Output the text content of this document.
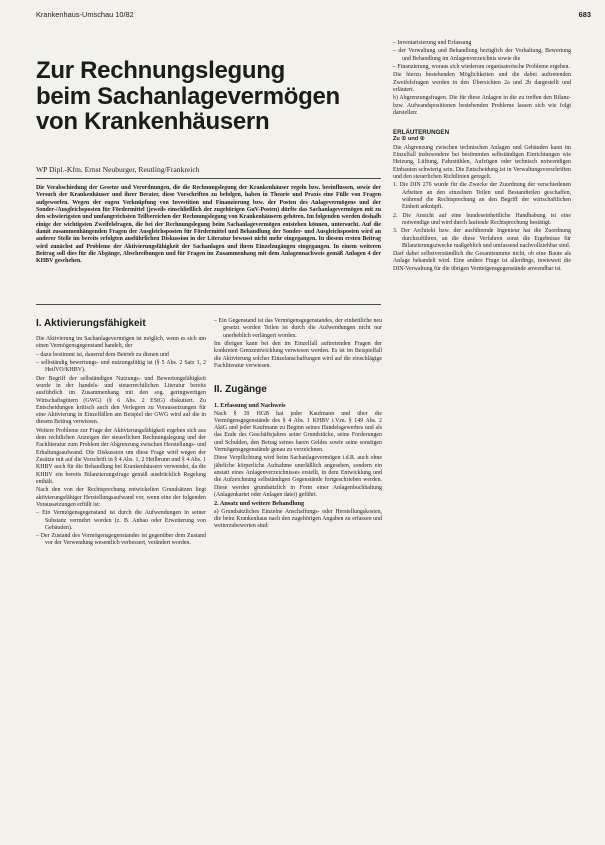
Krankenhaus-Umschau 10/82	683
Zur Rechnungslegung
beim Sachanlagevermögen
von Krankenhäusern
WP Dipl.-Kfm. Ernst Neuburger, Reutling/Frankreich

Die Verabschiedung der Gesetze und Verordnungen, die die Rechnungslegung der Krankenhäuser regeln bzw. beeinflussen, sowie der Versuch der Krankenhäuser und ihrer Berater, diese Vorschriften zu befolgen, haben in Theorie und Praxis eine Fülle von Fragen aufgeworfen. Wegen der engen Verknüpfung von Investition und Finanzierung bzw. der Posten des Anlagevermögens und der Sonder-/Ausgleichsposten für Fördermittel (jeweils einschließlich der zugehörigen GuV-Posten) dürfte das Sachanlagevermögen mit zu den schwierigsten und umfangreichsten Teilbereichen der Rechnungslegung von Krankenhäusern gehören. Im folgenden werden deshalb einige der wichtigsten Zweifelsfragen, die bei der Rechnungslegung beim Sachanlagevermögen entstehen können, untersucht. Auf die damit zusammenhängenden Fragen der Ausgleichsposten für Fördermittel und Behandlung der Sonder- und Ausgleichsposten wird an anderer Stelle im bereits erfolgten ausführlichen Diskussion in der Literatur bewusst nicht mehr eingegangen. In diesem ersten Beitrag wird zunächst auf Probleme der Aktivierungsfähigkeit der Sachanlagen und ihren Einzelzugängen eingegangen. In einem weiteren Beitrag soll dies für die Abgänge, Abschreibungen und für Fragen im Zusammenhang mit dem Anlagennachweis gemäß Anlagen 4 der KHBV geschehen.

I. Aktivierungsfähigkeit

Die Aktivierung im Sachanlagevermögen ist möglich, wenn es sich um einen Vermögensgegenstand handelt, der

– dazu bestimmt ist, dauernd dem Betrieb zu dienen und

– selbständig bewertungs- und nutzungsfähig ist (§ 5 Abs. 2 Satz 1, 2 HeilVO/KHBV).

Der Begriff der selbständigen Nutzungs- und Bewertungsfähigkeit wurde in der handels- und steuerrechtlichen Literatur bereits ausführlich im Zusammenhang mit den sog. geringwertigen Wirtschaftsgütern (GWG) (§ 6 Abs. 2 EStG) diskutiert. Zu Entscheidungen kritisch auch den Verlegern zu Voraussetzungen für eine Aktivierung in Einzelfällen am Beispiel der GWG wird auf die in diesem Beitrag verwiesen.

Weitere Probleme zur Frage der Aktivierungsfähigkeit ergeben sich aus dem rechtlichen Anzeigen der steuerlichen Rechnungslegung und der Fachliteratur zum Problem der Abgrenzung zwischen Herstellungs- und Erhaltungsaufwand. Die Diskussion um diese Frage wird wegen der Zusätze mit auf die Vorschrift in § 4 Abs. 1, 2 Heilbrunn und § 4 Abs. 1 KHBV auch für die Behandlung bei Krankenhäusern verwendet, da die KHBV ein bereits Bilanzierungsfrage gemäß ausdrücklich Regelung enthält.

Nach den von der Rechtsprechung entwickelten Grundsätzen liegt aktivierungsfähiger Herstellungsaufwand vor, wenn eine der folgenden Voraussetzungen erfüllt ist:

– Ein Vermögensgegenstand ist durch die Aufwendungen in seiner Substanz vermehrt worden (z. B. Anbau oder Erweiterung von Gebäuden).

– Der Zustand des Vermögensgegenstandes ist gegenüber dem Zustand vor der Verwendung wesentlich verbessert, verändert worden.

– Ein Gegenstand ist das Vermögensgegenstandes, der einheitliche neu gesetzt worden Teilen ist durch die Aufwendungen nicht nur unerheblich verlängert worden.

Im übrigen kann bei den im Einzelfall auftretenden Fragen der konkreten Grenzentwicklung verwiesen werden. Es ist im Beispielfall die Aktivierung solcher Einzelanschaffungen wird auf die einschlägige Fachliteratur verwiesen.

II. Zugänge

1. Erfassung und Nachweis

Nach § 39 HGB hat jeder Kaufmann und über die Vermögensgegenstände des § 4 Abs. 1 KHBV i.V.m. § 149 Abs. 2 AktG und jeder Kaufmann zu Beginn seines Handelsgewerbes und als das Ende des Geschäftsjahres seine Grundstücke, seine Forderungen und Schulden, den Betrag seines baren Geldes sowie seine sonstigen Vermögensgegenstände genau zu verzeichnen.

Diese Verpflichtung wird beim Sachanlagevermögen i.d.R. auch ohne jährliche körperliche Aufnahme unerläßlich angesehen, sondern ein anstatt eines Anlagenverzeichnisses erstellt, in dem Entwicklung und die Aufzeichnung selbständigen Gegenstände fortgeschrieben werden. Diese werden grundsätzlich in Form einer Anlagenbuchhaltung (Anlagenkartei oder Anlagen datei) geführt.

2. Ansatz und weitere Behandlung

a) Grundsätzliches Einzelne Anschaffungs- oder Herstellungskosten, die beim Krankenhaus nach den zugehörigen Angaben zu erfassen und weiterzubewerten sind:

– Inventarisierung und Erfassung

– der Verwaltung und Behandlung bezüglich der Vorhaltung, Bewertung und Behandlung im Anlagenverzeichnis sowie die

– Finanzierung, woraus sich wiederum organisatorische Probleme ergeben.

Die hierzu bestehenden Möglichkeiten und die dabei auftretenden Zweifelsfragen werden in den Übersichten 2a und 2b dargestellt und erläutert.

b) Abgrenzungsfragen. Die für diese Anlagen in die zu treffen den Bilanz- bzw. Aufwandspositionen bestehenden Probleme lassen sich wie folgt darstellen:

ERLÄUTERUNGEN

Zu ① und ②

Die Abgrenzung zwischen technischen Anlagen und Gebäuden kann im Einzelfall insbesondere bei bestimmten selbständigen Einrichtungen wie Heizung, Lüftung, Fahrstühlen, Aufzügen oder technisch notwendigen Einbauten schwierig sein. Die Entscheidung ist in Verwaltungsvorschriften und den steuerlichen Richtlinien geregelt.

1. Die DIN 276 wurde für die Zwecke der Zuordnung der verschiedenen Arbeiten an den einzelnen Teilen und Bestandteilen geschaffen, während die Rechtsprechung an den Begriff der wirtschaftlichen Einheit anknüpft.

2. Die Ansicht auf eine bundeseinheitliche Handhabung ist eine notwendige und wird durch laufende Rechtsprechung bestätigt.

3. Der Architekt bzw. der ausführende Ingenieur hat die Zuordnung durchzuführen, an die diese Verfahren sonst die Ergebnisse für Bilanzierungszwecke maßgeblich und umfassend nachvollziehbar sind.

Darf dabei selbstverständlich die Gesamtsumme nicht, ob eine Baute als Anlage behandelt wird. Eine andere Frage ist allerdings, inwieweit die DIN-Verwaltung für die übrigen Vermögensgegenstände anwendbar ist.
